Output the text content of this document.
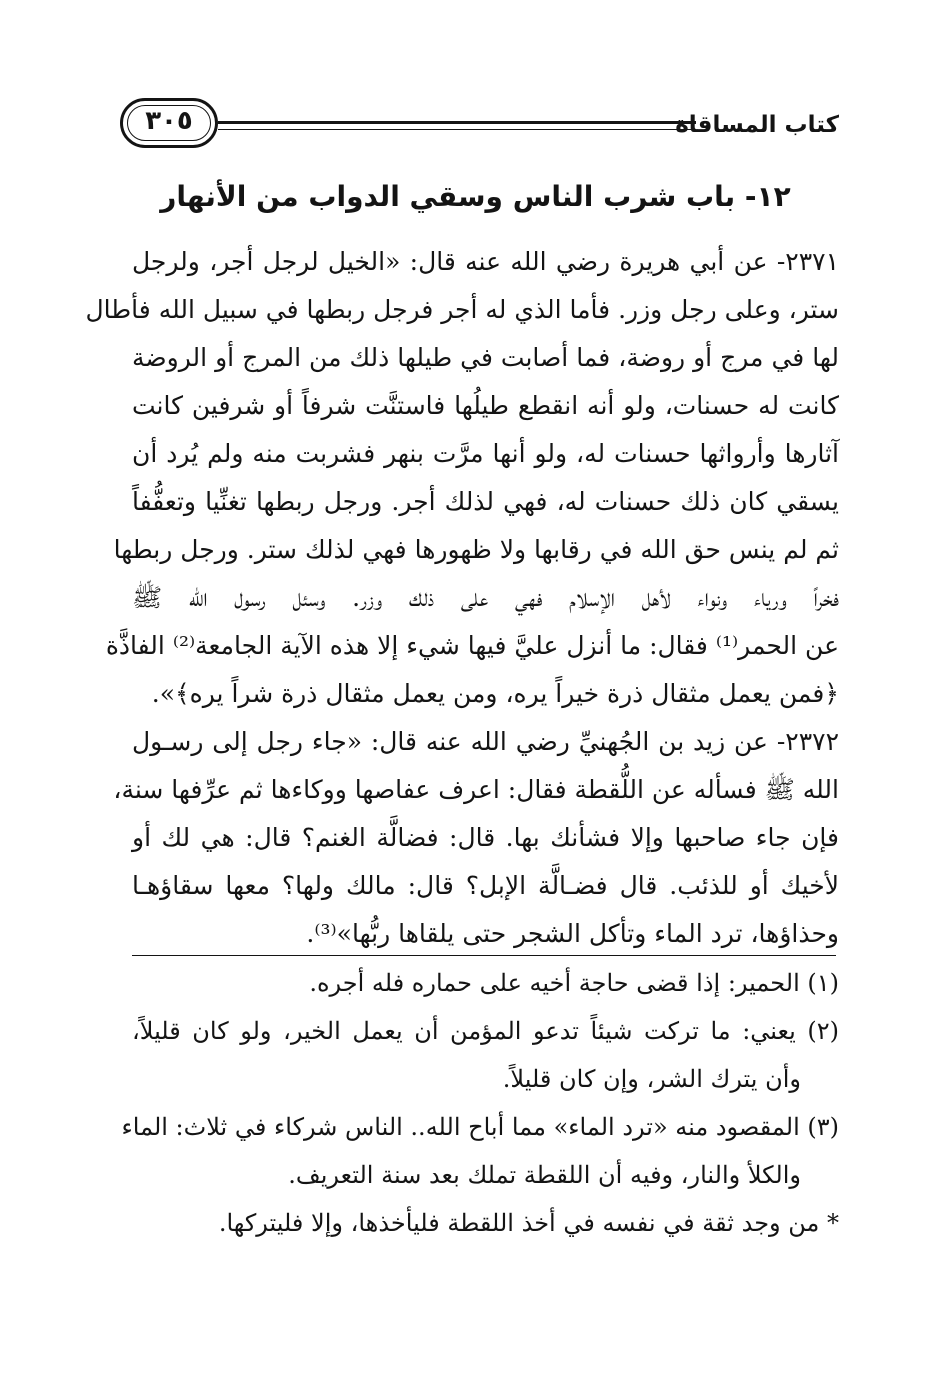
كتاب المساقاة
٣٠٥
١٢- باب شرب الناس وسقي الدواب من الأنهار
٢٣٧١- عن أبي هريرة رضي الله عنه قال: «الخيل لرجل أجر، ولرجل
ستر، وعلى رجل وزر. فأما الذي له أجر فرجل ربطها في سبيل الله فأطال
لها في مرج أو روضة، فما أصابت في طيلها ذلك من المرج أو الروضة
كانت له حسنات، ولو أنه انقطع طيلُها فاستنَّت شرفاً أو شرفين كانت
آثارها وأرواثها حسنات له، ولو أنها مرَّت بنهر فشربت منه ولم يُرد أن
يسقي كان ذلك حسنات له، فهي لذلك أجر. ورجل ربطها تغنِّيا وتعفُّفاً
ثم لم ينس حق الله في رقابها ولا ظهورها فهي لذلك ستر. ورجل ربطها
فخراً ورياء ونواء لأهل الإسلام فهي على ذلك وزر. وسئل رسول الله ﷺ
عن الحمر⁽¹⁾ فقال: ما أنزل عليَّ فيها شيء إلا هذه الآية الجامعة⁽²⁾ الفاذَّة
﴿فمن يعمل مثقال ذرة خيراً يره، ومن يعمل مثقال ذرة شراً يره﴾».
٢٣٧٢- عن زيد بن الجُهنيِّ رضي الله عنه قال: «جاء رجل إلى رسـول
الله ﷺ فسأله عن اللُّقطة فقال: اعرف عفاصها ووكاءها ثم عرِّفها سنة،
فإن جاء صاحبها وإلا فشأنك بها. قال: فضالَّة الغنم؟ قال: هي لك أو
لأخيك أو للذئب. قال فضـالَّة الإبل؟ قال: مالك ولها؟ معها سقاؤهـا
وحذاؤها، ترد الماء وتأكل الشجر حتى يلقاها ربُّها»⁽³⁾.
(١) الحمير: إذا قضى حاجة أخيه على حماره فله أجره.
(٢) يعني: ما تركت شيئاً تدعو المؤمن أن يعمل الخير، ولو كان قليلاً،
وأن يترك الشر، وإن كان قليلاً.
(٣) المقصود منه «ترد الماء» مما أباح الله.. الناس شركاء في ثلاث: الماء
والكلأ والنار، وفيه أن اللقطة تملك بعد سنة التعريف.
* من وجد ثقة في نفسه في أخذ اللقطة فليأخذها، وإلا فليتركها.
